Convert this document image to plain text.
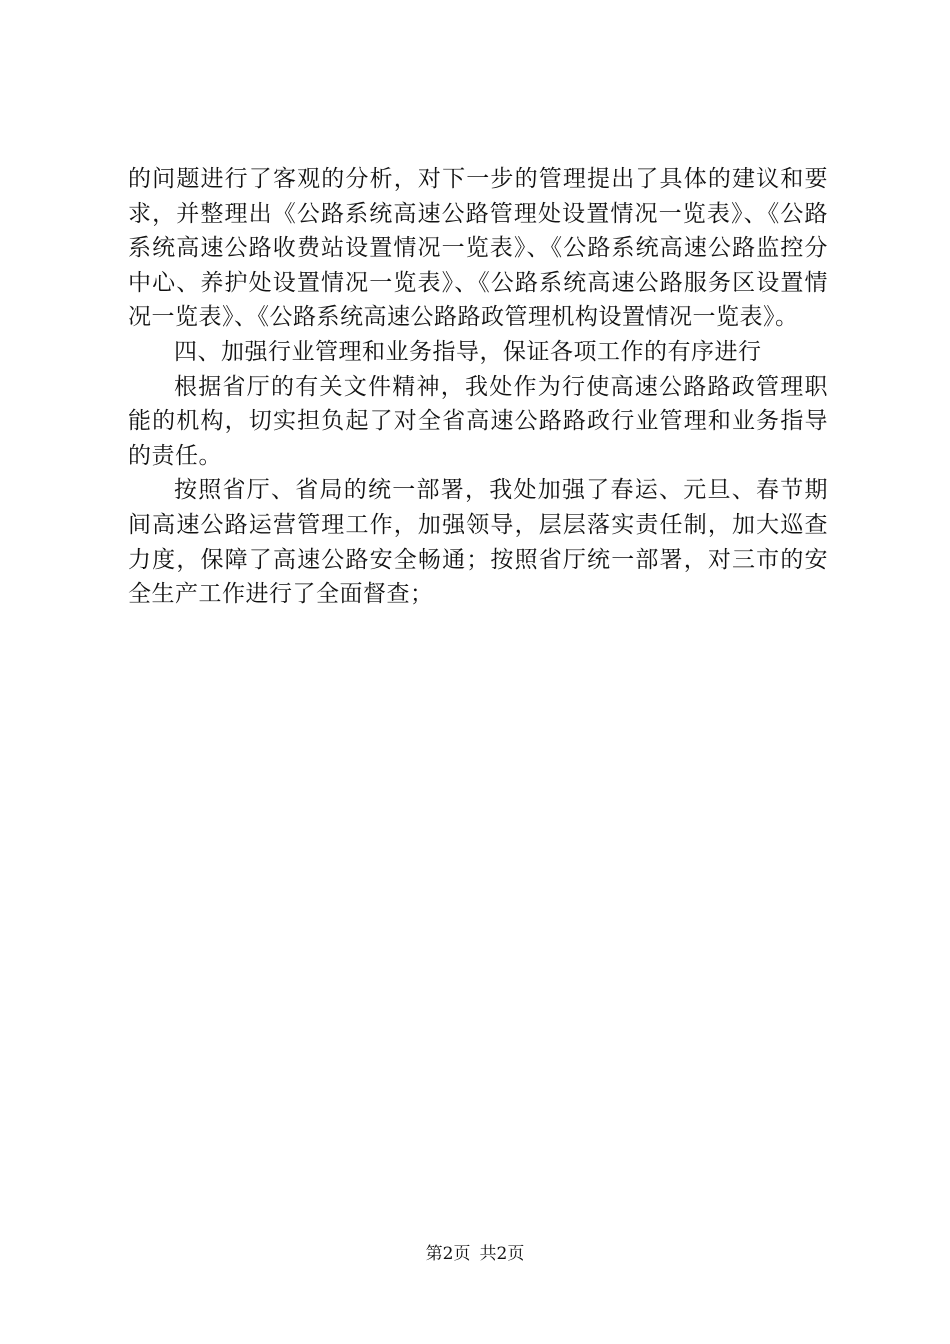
的问题进行了客观的分析，对下一步的管理提出了具体的建议和要求，并整理出《公路系统高速公路管理处设置情况一览表》、《公路系统高速公路收费站设置情况一览表》、《公路系统高速公路监控分中心、养护处设置情况一览表》、《公路系统高速公路服务区设置情况一览表》、《公路系统高速公路路政管理机构设置情况一览表》。

四、加强行业管理和业务指导，保证各项工作的有序进行

根据省厅的有关文件精神，我处作为行使高速公路路政管理职能的机构，切实担负起了对全省高速公路路政行业管理和业务指导的责任。

按照省厅、省局的统一部署，我处加强了春运、元旦、春节期间高速公路运营管理工作，加强领导，层层落实责任制，加大巡查力度，保障了高速公路安全畅通；按照省厅统一部署，对三市的安全生产工作进行了全面督查；

第2页 共2页
